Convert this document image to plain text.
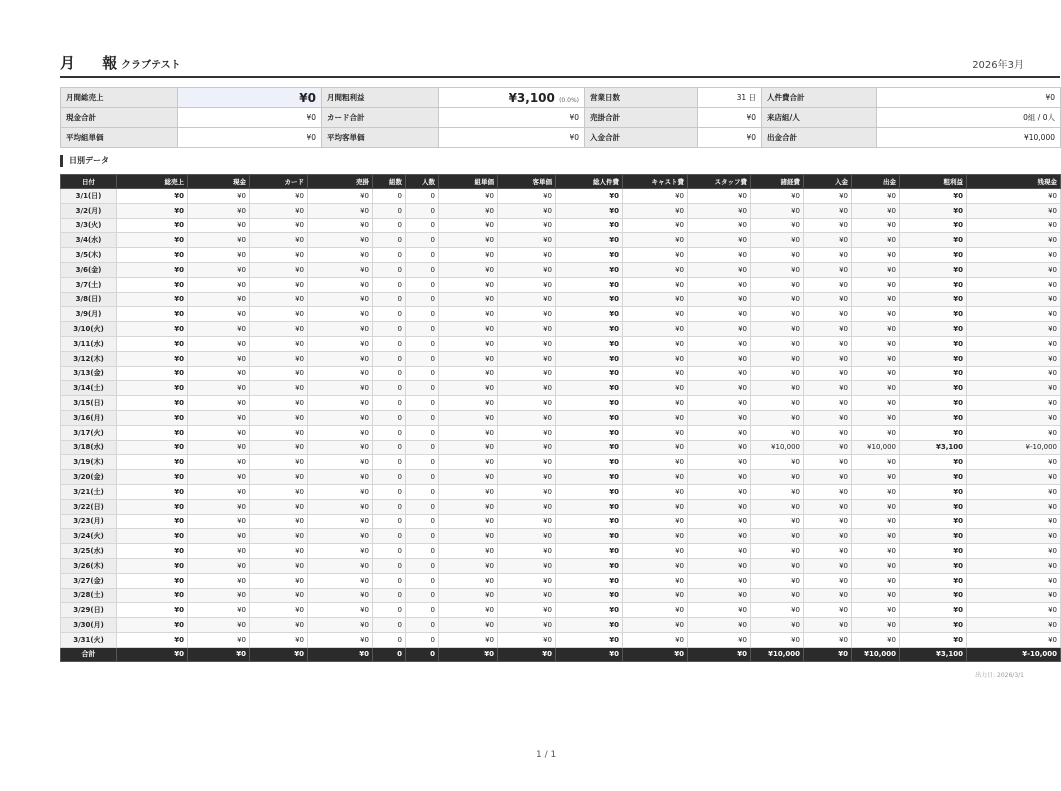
月 報
クラブテスト	2026年3月
月間総売上	¥0	月間粗利益	¥3,100 (0.0%)	営業日数	31 日	人件費合計	¥0
現金合計	¥0	カード合計	¥0	売掛合計	¥0	来店組/人	0組 / 0人
平均組単価	¥0	平均客単価	¥0	入金合計	¥0	出金合計	¥10,000
日別データ
日付	総売上	現金	カード	売掛	組数	人数	組単価	客単価	総人件費	キャスト費	スタッフ費	諸経費	入金	出金	粗利益	残現金
3/1(日)	¥0	¥0	¥0	¥0	0	0	¥0	¥0	¥0	¥0	¥0	¥0	¥0	¥0	¥0	¥0
3/2(月)	¥0	¥0	¥0	¥0	0	0	¥0	¥0	¥0	¥0	¥0	¥0	¥0	¥0	¥0	¥0
3/3(火)	¥0	¥0	¥0	¥0	0	0	¥0	¥0	¥0	¥0	¥0	¥0	¥0	¥0	¥0	¥0
3/4(水)	¥0	¥0	¥0	¥0	0	0	¥0	¥0	¥0	¥0	¥0	¥0	¥0	¥0	¥0	¥0
3/5(木)	¥0	¥0	¥0	¥0	0	0	¥0	¥0	¥0	¥0	¥0	¥0	¥0	¥0	¥0	¥0
3/6(金)	¥0	¥0	¥0	¥0	0	0	¥0	¥0	¥0	¥0	¥0	¥0	¥0	¥0	¥0	¥0
3/7(土)	¥0	¥0	¥0	¥0	0	0	¥0	¥0	¥0	¥0	¥0	¥0	¥0	¥0	¥0	¥0
3/8(日)	¥0	¥0	¥0	¥0	0	0	¥0	¥0	¥0	¥0	¥0	¥0	¥0	¥0	¥0	¥0
3/9(月)	¥0	¥0	¥0	¥0	0	0	¥0	¥0	¥0	¥0	¥0	¥0	¥0	¥0	¥0	¥0
3/10(火)	¥0	¥0	¥0	¥0	0	0	¥0	¥0	¥0	¥0	¥0	¥0	¥0	¥0	¥0	¥0
3/11(水)	¥0	¥0	¥0	¥0	0	0	¥0	¥0	¥0	¥0	¥0	¥0	¥0	¥0	¥0	¥0
3/12(木)	¥0	¥0	¥0	¥0	0	0	¥0	¥0	¥0	¥0	¥0	¥0	¥0	¥0	¥0	¥0
3/13(金)	¥0	¥0	¥0	¥0	0	0	¥0	¥0	¥0	¥0	¥0	¥0	¥0	¥0	¥0	¥0
3/14(土)	¥0	¥0	¥0	¥0	0	0	¥0	¥0	¥0	¥0	¥0	¥0	¥0	¥0	¥0	¥0
3/15(日)	¥0	¥0	¥0	¥0	0	0	¥0	¥0	¥0	¥0	¥0	¥0	¥0	¥0	¥0	¥0
3/16(月)	¥0	¥0	¥0	¥0	0	0	¥0	¥0	¥0	¥0	¥0	¥0	¥0	¥0	¥0	¥0
3/17(火)	¥0	¥0	¥0	¥0	0	0	¥0	¥0	¥0	¥0	¥0	¥0	¥0	¥0	¥0	¥0
3/18(水)	¥0	¥0	¥0	¥0	0	0	¥0	¥0	¥0	¥0	¥0	¥10,000	¥0	¥10,000	¥3,100	¥-10,000
3/19(木)	¥0	¥0	¥0	¥0	0	0	¥0	¥0	¥0	¥0	¥0	¥0	¥0	¥0	¥0	¥0
3/20(金)	¥0	¥0	¥0	¥0	0	0	¥0	¥0	¥0	¥0	¥0	¥0	¥0	¥0	¥0	¥0
3/21(土)	¥0	¥0	¥0	¥0	0	0	¥0	¥0	¥0	¥0	¥0	¥0	¥0	¥0	¥0	¥0
3/22(日)	¥0	¥0	¥0	¥0	0	0	¥0	¥0	¥0	¥0	¥0	¥0	¥0	¥0	¥0	¥0
3/23(月)	¥0	¥0	¥0	¥0	0	0	¥0	¥0	¥0	¥0	¥0	¥0	¥0	¥0	¥0	¥0
3/24(火)	¥0	¥0	¥0	¥0	0	0	¥0	¥0	¥0	¥0	¥0	¥0	¥0	¥0	¥0	¥0
3/25(水)	¥0	¥0	¥0	¥0	0	0	¥0	¥0	¥0	¥0	¥0	¥0	¥0	¥0	¥0	¥0
3/26(木)	¥0	¥0	¥0	¥0	0	0	¥0	¥0	¥0	¥0	¥0	¥0	¥0	¥0	¥0	¥0
3/27(金)	¥0	¥0	¥0	¥0	0	0	¥0	¥0	¥0	¥0	¥0	¥0	¥0	¥0	¥0	¥0
3/28(土)	¥0	¥0	¥0	¥0	0	0	¥0	¥0	¥0	¥0	¥0	¥0	¥0	¥0	¥0	¥0
3/29(日)	¥0	¥0	¥0	¥0	0	0	¥0	¥0	¥0	¥0	¥0	¥0	¥0	¥0	¥0	¥0
3/30(月)	¥0	¥0	¥0	¥0	0	0	¥0	¥0	¥0	¥0	¥0	¥0	¥0	¥0	¥0	¥0
3/31(火)	¥0	¥0	¥0	¥0	0	0	¥0	¥0	¥0	¥0	¥0	¥0	¥0	¥0	¥0	¥0
合計	¥0	¥0	¥0	¥0	0	0	¥0	¥0	¥0	¥0	¥0	¥10,000	¥0	¥10,000	¥3,100	¥-10,000
出力日: 2026/3/1
1 / 1
